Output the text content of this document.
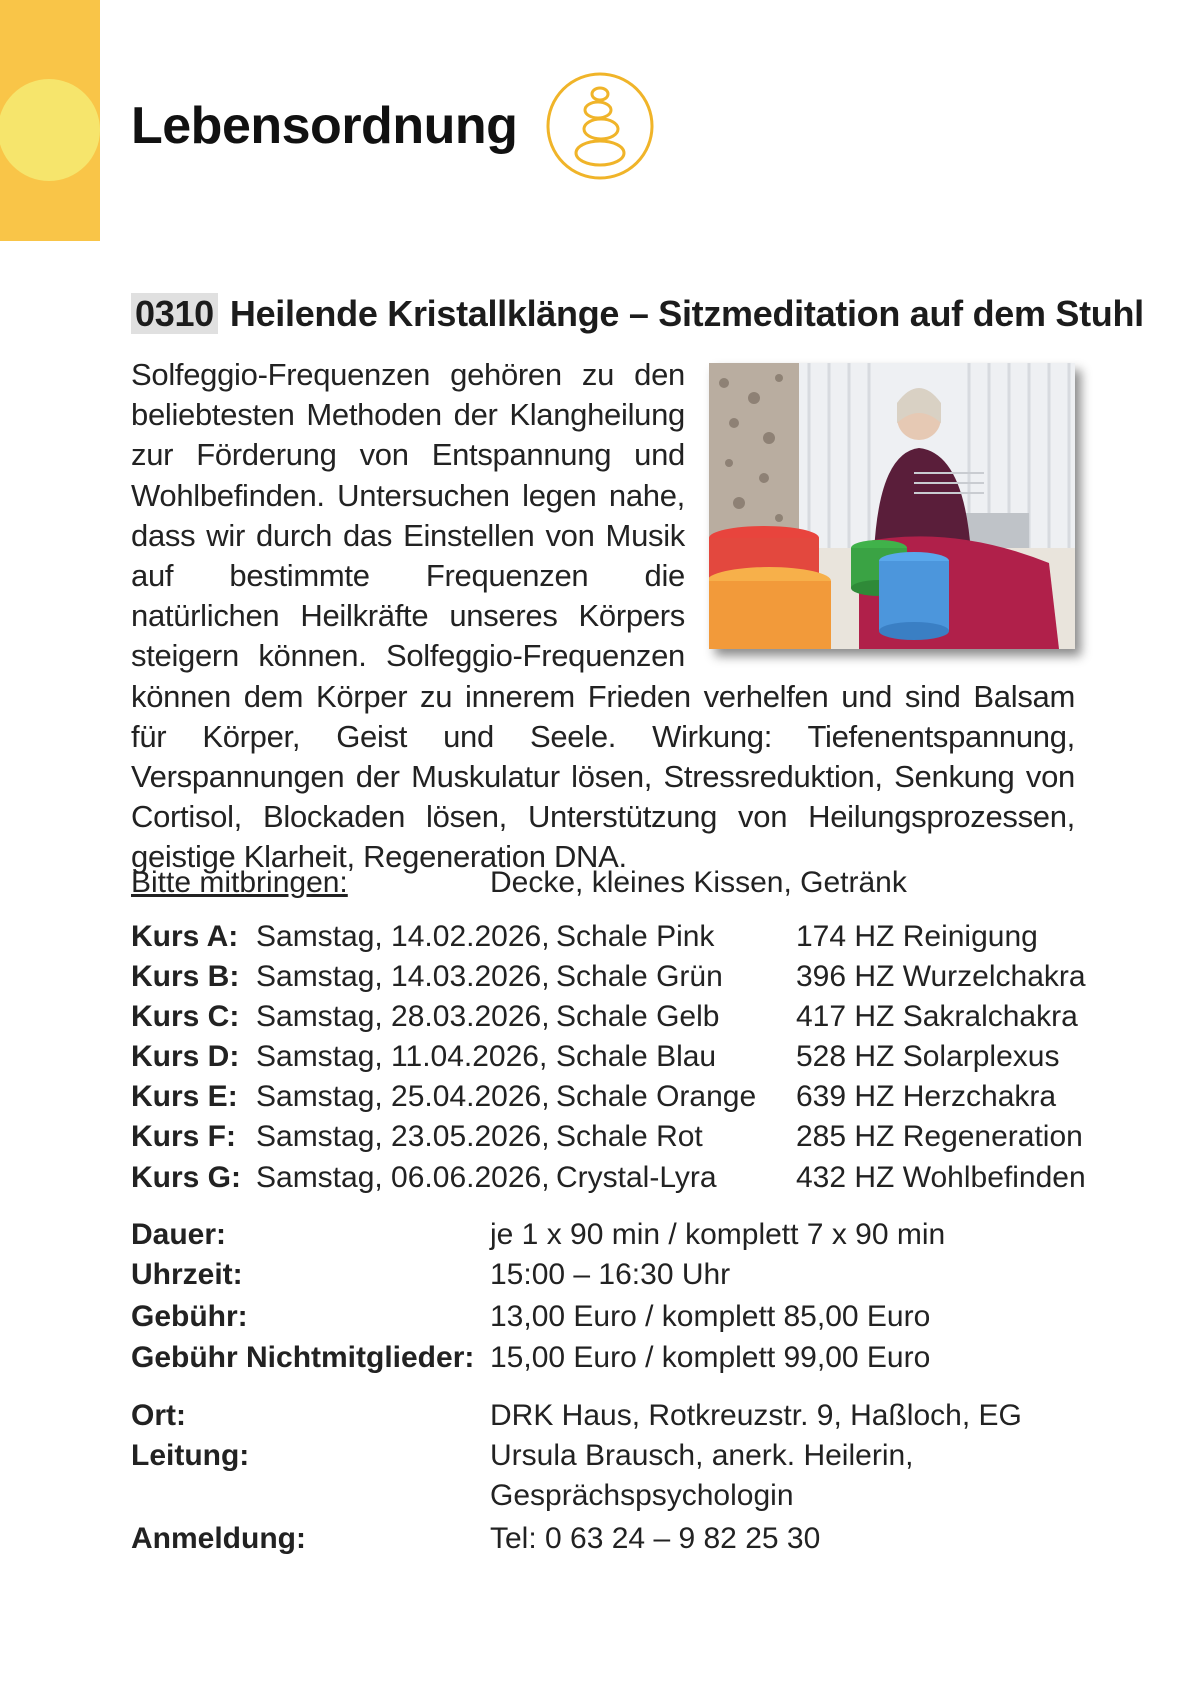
Lebensordnung
0310 Heilende Kristallklänge – Sitzmeditation auf dem Stuhl
Solfeggio-Frequenzen gehören zu den beliebtesten Methoden der Klangheilung zur Förderung von Entspannung und Wohlbefinden. Untersuchen legen nahe, dass wir durch das Einstellen von Musik auf bestimmte Frequenzen die natürlichen Heilkräfte unseres Körpers steigern können. Solfeggio-Frequenzen können dem Körper zu innerem Frieden verhelfen und sind Balsam für Körper, Geist und Seele. Wirkung: Tiefenentspannung, Verspannungen der Muskulatur lösen, Stressreduktion, Senkung von Cortisol, Blockaden lösen, Unterstützung von Heilungsprozessen, geistige Klarheit, Regeneration DNA.
Bitte mitbringen:	Decke, kleines Kissen, Getränk
Kurs A: Samstag, 14.02.2026, Schale Pink	174 HZ Reinigung
Kurs B: Samstag, 14.03.2026, Schale Grün 396 HZ Wurzelchakra
Kurs C: Samstag, 28.03.2026, Schale Gelb	417 HZ Sakralchakra
Kurs D: Samstag, 11.04.2026, Schale Blau	528 HZ Solarplexus
Kurs E: Samstag, 25.04.2026, Schale Orange 639 HZ Herzchakra
Kurs F: Samstag, 23.05.2026, Schale Rot	285 HZ Regeneration
Kurs G: Samstag, 06.06.2026, Crystal-Lyra	432 HZ Wohlbefinden
Dauer:	je 1 x 90 min / komplett 7 x 90 min
Uhrzeit:	15:00 – 16:30 Uhr
Gebühr:	13,00 Euro / komplett 85,00 Euro
Gebühr Nichtmitglieder: 15,00 Euro / komplett 99,00 Euro
Ort:	DRK Haus, Rotkreuzstr. 9, Haßloch, EG
Leitung:	Ursula Brausch, anerk. Heilerin,
Gesprächspsychologin
Anmeldung:	Tel: 0 63 24 – 9 82 25 30
